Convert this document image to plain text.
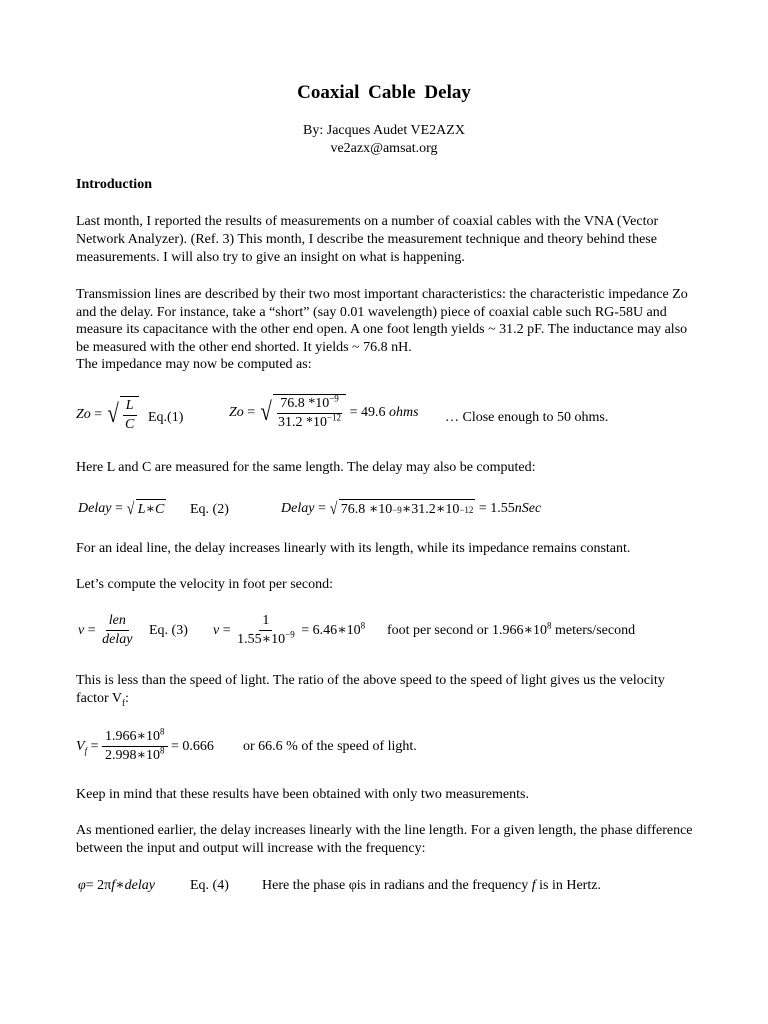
Coaxial Cable Delay
By: Jacques Audet VE2AZX
ve2azx@amsat.org
Introduction
Last month, I reported the results of measurements on a number of coaxial cables with the VNA (Vector Network Analyzer). (Ref. 3) This month, I describe the measurement technique and theory behind these measurements. I will also try to give an insight on what is happening.
Transmission lines are described by their two most important characteristics: the characteristic impedance Zo and the delay. For instance, take a “short” (say 0.01 wavelength) piece of coaxial cable such RG-58U and measure its capacitance with the other end open. A one foot length yields ~ 31.2 pF. The inductance may also be measured with the other end shorted. It yields ~ 76.8 nH.
The impedance may now be computed as:
Zo
=
√ $\frac{L}{C} Eq.(1)$	Zo = √ $\frac{76.8 *10^{-9}}{31.2 *10^{-12}}$
= 49.6
ohms … Close enough to 50 ohms.
Here L and C are measured for the same length. The delay may also be computed:
Delay = √ L∗C Eq. (2)	Delay = √ 76.8
∗10 −9 ∗31.2∗10 −12
= 1.55 nSec
For an ideal line, the delay increases linearly with its length, while its impedance remains constant.
Let’s compute the velocity in foot per second:
$v = \frac{\text{len}}{\text{delay}} Eq$. (3) $v = \frac{1}{1.55∗10^{-9}}$
= $6.46∗10^8$ foot per second or $1.966∗10^8$ meters/second
This is less than the speed of light. The ratio of the above speed to the speed of light gives us the velocity factor $V_f$:
$V_f = \frac{1.966∗10^8}{2.998∗10^8}$
= 0.666 or 66.6 % of the speed of light.
Keep in mind that these results have been obtained with only two measurements.
As mentioned earlier, the delay increases linearly with the line length. For a given length, the phase difference between the input and output will increase with the frequency:
φ= 2πf∗delay	Eq. (4) Here the phase φis in radians and the frequency f is in Hertz.
